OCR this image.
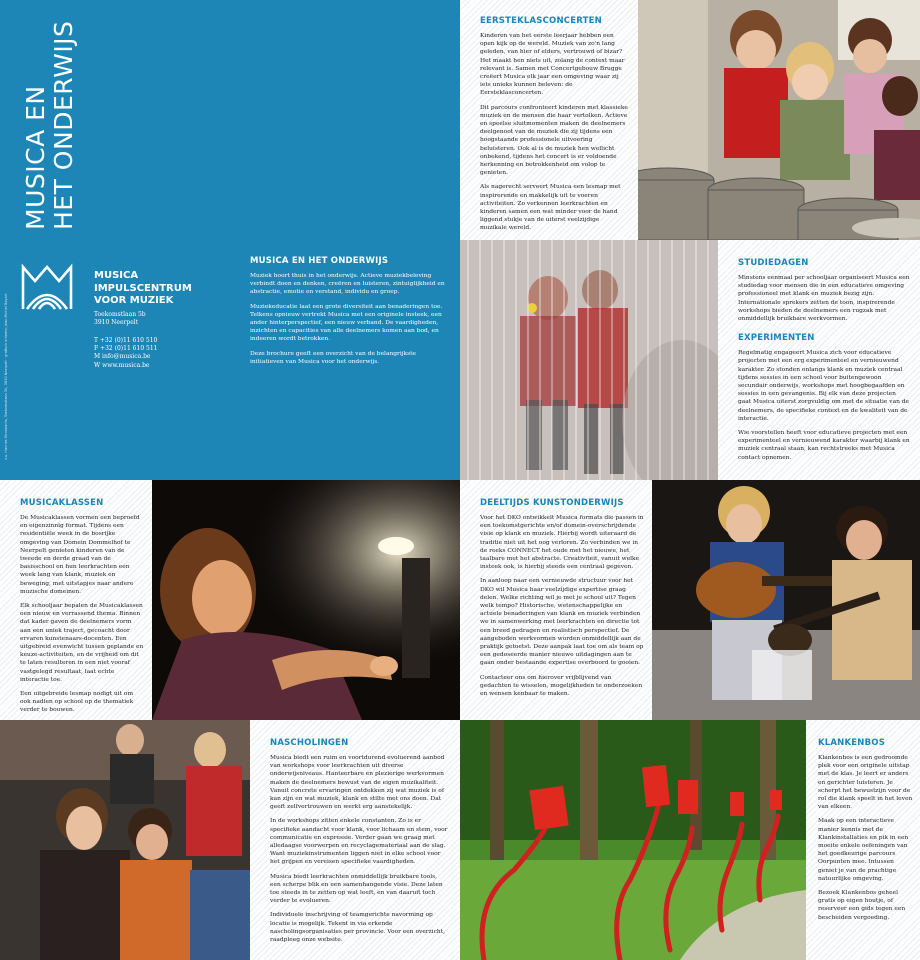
MUSICA EN HET ONDERWIJS
MUSICA
IMPULSCENTRUM
VOOR MUZIEK
Toekomstlaan 5b
3910 Neerpelt
T +32 (0)11 610 510
F +32 (0)11 610 511
M info@musica.be
W www.musica.be
v.u. Hannes Stroobants, Toekomstlaan 5b, 3910 Neerpelt · grafisch ontwerp Jean-Michel Bayart
MUSICA EN HET ONDERWIJS

Muziek hoort thuis in het onderwijs. Actieve muziekbeleving verbindt doen en denken, creëren en luisteren, zintuiglijkheid en abstractie, emotie en verstand, individu en groep.

Muziekeducatie laat een grote diversiteit aan benaderingen toe. Telkens opnieuw vertrekt Musica met een originele insteek, een ander hinterperspectief, een nieuw verband. De vaardigheden, inzichten en capacities van alle deelnemers komen aan bod, en indeeren wordt betrokken.

Deze brochure geeft een overzicht van de belangrijkste initiatieven van Musica voor het onderwijs.

EERSTEKLASCONCERTEN

Kinderen van het eerste leerjaar hebben een open kijk op de wereld. Muziek van zo'n lang geleden, van hier of elders, vertrouwd of bizar? Het maakt hen niets uit, zolang de context maar relevant is. Samen met Concertgebouw Brugge creëert Musica elk jaar een omgeving waar zij iets unieks kunnen beleven: de Eersteklasconcerten.

Dit parcours confronteert kinderen met klassieke muziek en de mensen die haar vertolken. Actieve en speelse sluitmomenten maken de deelnemers deelgenoot van de muziek die zij tijdens een hoogstaande professionele uitvoering beluisteren. Ook al is de muziek hen wellicht onbekend, tijdens het concert is er voldoende herkenning en betrokkenheid om volop te genieten.

Als nagerecht serveert Musica een lesmap met inspirerende en makkelijk uit te voeren activiteiten. Zo verkennen leerkrachten en kinderen samen een wat minder voor de hand liggend stukje van de uiterst veelzijdige muzikale wereld.

STUDIEDAGEN

Minstens eenmaal per schooljaar organiseert Musica een studiedag voor mensen die in een educatieve omgeving professioneel met klank en muziek bezig zijn. Internationale sprekers zetten de toon, inspirerende workshops bieden de deelnemers een rugzak met onmiddellijk bruikbare werkvormen.

EXPERIMENTEN

Regelmatig engageert Musica zich voor educatieve projecten met een erg experimenteel en vernieuwend karakter. Zo stonden onlangs klank en muziek centraal tijdens sessies in een school voor buitengewoon secundair onderwijs, workshops met hoogbegaafden en sessies in een gevangenis. Bij elk van deze projecten gaat Musica uiterst zorgvuldig om met de situatie van de deelnemers, de specifieke context en de kwaliteit van de interactie.

Wie voorstellen heeft voor educatieve projecten met een experimenteel en vernieuwend karakter waarbij klank en muziek centraal staan, kan rechtstreeks met Musica contact opnemen.

MUSICAKLASSEN

De Musicaklassen vormen een beproefd en eigenzinnig format. Tijdens een residentiële week in de bosrijke omgeving van Domein Dommelhof te Neerpelt genieten kinderen van de tweede en derde graad van de basisschool en hun leerkrachten een week lang van klank, muziek en beweging, met uitstapjes naar andere muzische domeinen.

Elk schooljaar bepalen de Musicaklassen een nieuw en verrassend thema. Binnen dat kader gaven de deelnemers vorm aan een uniek traject, gecoacht door ervaren kunstenaars-docenten. Een uitgebreid evenwicht tussen geplande en keuze-activiteiten, en de vrijheid om dit te laten resulteren in een niet vooraf vastgelegd resultaat, laat echte interactie toe.

Een uitgebreide lesmap nodigt uit om ook nadien op school op de thematiek verder te bouwen.

DEELTIJDS KUNSTONDERWIJS

Voor het DKO ontwikkelt Musica formats die passen in een toekomstgerichte en/of domein-overschrijdende visie op klank en muziek. Hierbij wordt uiteraard de traditie niet uit het oog verloren. Zo verbinden we in de reeks CONNECT het oude met het nieuwe, het taalbare met het abstracte. Creativiteit, vanuit welke insteek ook, is hierbij steeds een centraal gegeven.

In aanloop naar een vernieuwde structuur voor het DKO wil Musica haar veelzijdige expertise graag delen. Welke richting wil je met je school uit? Tegen welk tempo? Historische, wetenschappelijke en actuele benaderingen van klank en muziek verbinden we in samenwerking met leerkrachten en directie tot een breed gedragen en realistisch perspectief. De aangeboden werkvormen worden onmiddellijk aan de praktijk getoetst. Deze aanpak laat toe om als team op een gedoseerde manier nieuwe uitdagingen aan te gaan onder bestaande expertise overboord te gooien.

Contacteer ons om hierover vrijblijvend van gedachten te wisselen, mogelijkheden te onderzoeken en wensen kenbaar te maken.

NASCHOLINGEN

Musica biedt een ruim en voortdurend evoluerend aanbod van workshops voor leerkrachten uit diverse onderwijsniveaus. Hanteerbare en plezierige werkvormen maken de deelnemers bewust van de eigen muzikaliteit. Vanuit concrete ervaringen ontdekken zij wat muziek is of kan zijn en wat muziek, klank en stilte met ons doen. Dat geeft zelfvertrouwen en werkt erg aanstekelijk.

In de workshops zitten enkele constanten. Zo is er specifieke aandacht voor klank, voor lichaam en stem, voor communicatie en expressie. Verder gaan we graag met alledaagse voorwerpen en recyclagemateriaal aan de slag. Want muziekinstrumenten liggen niet in elke school voor het grijpen en vereisen specifieke vaardigheden.

Musica biedt leerkrachten onmiddellijk bruikbare tools, een scherpe blik en een samenhangende visie. Deze laten toe steeds in te zetten op wat leeft, en van daaruit toch verder te evolueren.

Individuele inschrijving of teamgerichte navorming op locatie is mogelijk. Tekent in via erkende nascholingsorganisaties per provincie. Voor een overzicht, raadpleeg onze website.

KLANKENBOS

Klankenbos is een gedroomde plek voor een originele uitstap met de klas. Je leert er anders en gerichter luisteren. Je scherpt het bewustzijn voor de rol die klank speelt in het leven van elkeen.

Maak op een interactieve manier kennis met de Klankinstallaties en pik in een moeite enkele oefeningen van het goedkeurige parcours Oorpunten mee. Intussen geniet je van de prachtige natuurlijke omgeving.

Bezoek Klankenbos geheel gratis op eigen houtje, of reserveer een gids tegen een bescheiden vergoeding.
